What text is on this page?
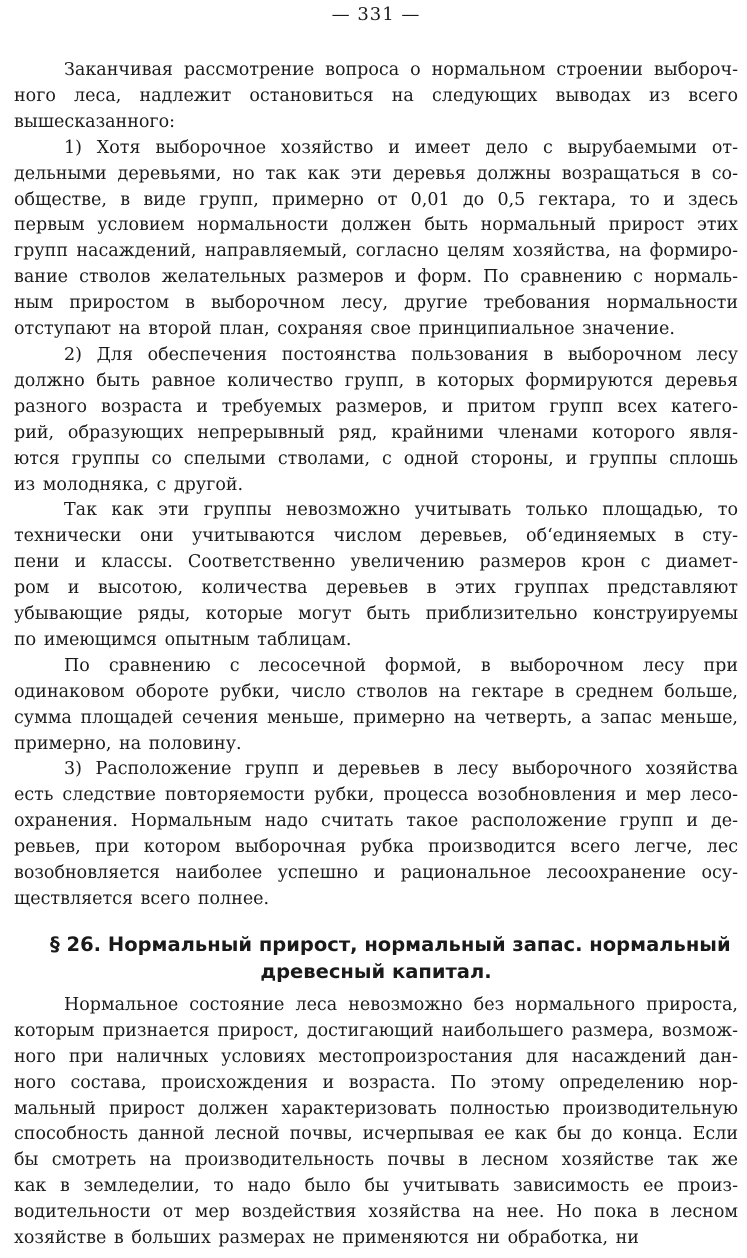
— 331 —
Заканчивая рассмотрение вопроса о нормальном строении выбороч-
ного леса, надлежит остановиться на следующих выводах из всего
вышесказанного:
1) Хотя выборочное хозяйство и имеет дело с вырубаемыми от-
дельными деревьями, но так как эти деревья должны возращаться в со-
обществе, в виде групп, примерно от 0,01 до 0,5 гектара, то и здесь
первым условием нормальности должен быть нормальный прирост этих
групп насаждений, направляемый, согласно целям хозяйства, на формиро-
вание стволов желательных размеров и форм. По сравнению с нормаль-
ным приростом в выборочном лесу, другие требования нормальности
отступают на второй план, сохраняя свое принципиальное значение.
2) Для обеспечения постоянства пользования в выборочном лесу
должно быть равное количество групп, в которых формируются деревья
разного возраста и требуемых размеров, и притом групп всех катего-
рий, образующих непрерывный ряд, крайними членами которого явля-
ются группы со спелыми стволами, с одной стороны, и группы сплошь
из молодняка, с другой.
Так как эти группы невозможно учитывать только площадью, то
технически они учитываются числом деревьев, об‘единяемых в сту-
пени и классы. Соответственно увеличению размеров крон с диамет-
ром и высотою, количества деревьев в этих группах представляют
убывающие ряды, которые могут быть приблизительно конструируемы
по имеющимся опытным таблицам.
По сравнению с лесосечной формой, в выборочном лесу при
одинаковом обороте рубки, число стволов на гектаре в среднем больше,
сумма площадей сечения меньше, примерно на четверть, а запас меньше,
примерно, на половину.
3) Расположение групп и деревьев в лесу выборочного хозяйства
есть следствие повторяемости рубки, процесса возобновления и мер лесо-
охранения. Нормальным надо считать такое расположение групп и де-
ревьев, при котором выборочная рубка производится всего легче, лес
возобновляется наиболее успешно и рациональное лесоохранение осу-
ществляется всего полнее.
§ 26. Нормальный прирост, нормальный запас. нормальный
древесный капитал.
Нормальное состояние леса невозможно без нормального прироста,
которым признается прирост, достигающий наибольшего размера, возмож-
ного при наличных условиях местопроизростания для насаждений дан-
ного состава, происхождения и возраста. По этому определению нор-
мальный прирост должен характеризовать полностью производительную
способность данной лесной почвы, исчерпывая ее как бы до конца. Если
бы смотреть на производительность почвы в лесном хозяйстве так же
как в земледелии, то надо было бы учитывать зависимость ее произ-
водительности от мер воздействия хозяйства на нее. Но пока в лесном
хозяйстве в больших размерах не применяются ни обработка, ни
